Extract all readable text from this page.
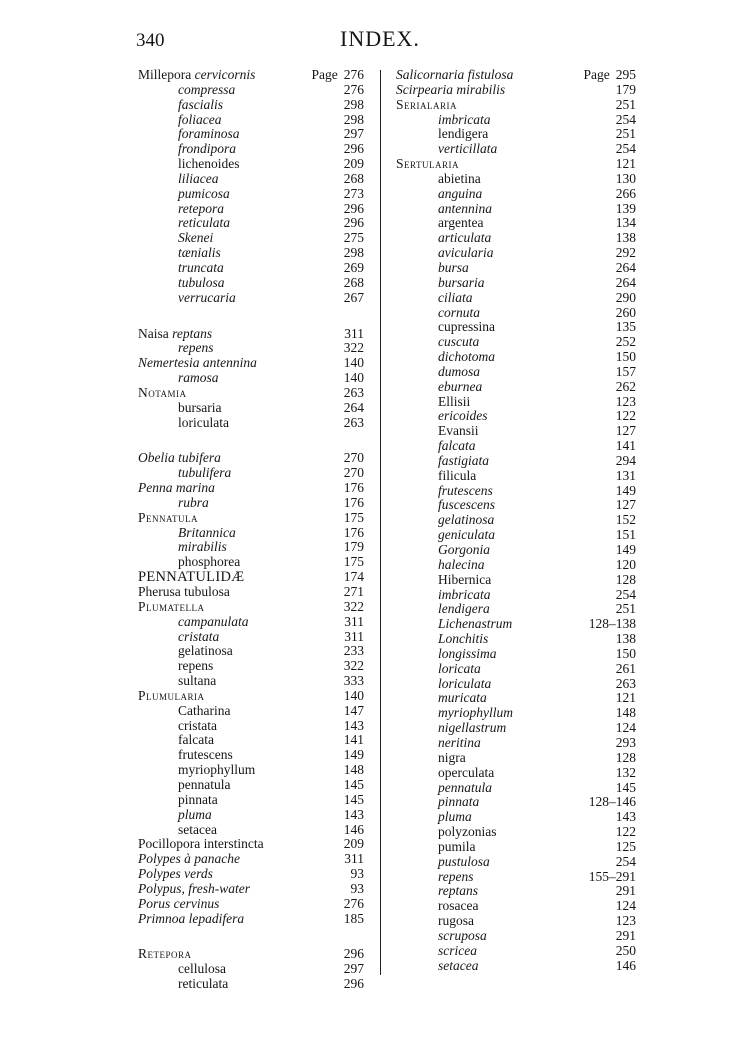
340	INDEX.
Millepora cervicornis	Page 276
compressa	276
fascialis	298
foliacea	298
foraminosa	297
frondipora	296
lichenoides	209
liliacea	268
pumicosa	273
retepora	296
reticulata	296
Skenei	275
tænialis	298
truncata	269
tubulosa	268
verrucaria	267
Naisa reptans	311
repens	322
Nemertesia antennina	140
ramosa	140
Notamia	263
bursaria	264
loriculata	263
Obelia tubifera	270
tubulifera	270
Penna marina	176
rubra	176
Pennatula	175
Britannica	176
mirabilis	179
phosphorea	175
PENNATULIDÆ	174
Pherusa tubulosa	271
Plumatella	322
campanulata	311
cristata	311
gelatinosa	233
repens	322
sultana	333
Plumularia	140
Catharina	147
cristata	143
falcata	141
frutescens	149
myriophyllum	148
pennatula	145
pinnata	145
pluma	143
setacea	146
Pocillopora interstincta	209
Polypes à panache	311
Polypes verds	93
Polypus, fresh-water	93
Porus cervinus	276
Primnoa lepadifera	185
Retepora	296
cellulosa	297
reticulata	296
Salicornaria fistulosa	Page 295
Scirpearia mirabilis	179
Serialaria	251
imbricata	254
lendigera	251
verticillata	254
Sertularia	121
abietina	130
anguina	266
antennina	139
argentea	134
articulata	138
avicularia	292
bursa	264
bursaria	264
ciliata	290
cornuta	260
cupressina	135
cuscuta	252
dichotoma	150
dumosa	157
eburnea	262
Ellisii	123
ericoides	122
Evansii	127
falcata	141
fastigiata	294
filicula	131
frutescens	149
fuscescens	127
gelatinosa	152
geniculata	151
Gorgonia	149
halecina	120
Hibernica	128
imbricata	254
lendigera	251
Lichenastrum	128–138
Lonchitis	138
longissima	150
loricata	261
loriculata	263
muricata	121
myriophyllum	148
nigellastrum	124
neritina	293
nigra	128
operculata	132
pennatula	145
pinnata	128–146
pluma	143
polyzonias	122
pumila	125
pustulosa	254
repens	155–291
reptans	291
rosacea	124
rugosa	123
scruposa	291
scricea	250
setacea	146
